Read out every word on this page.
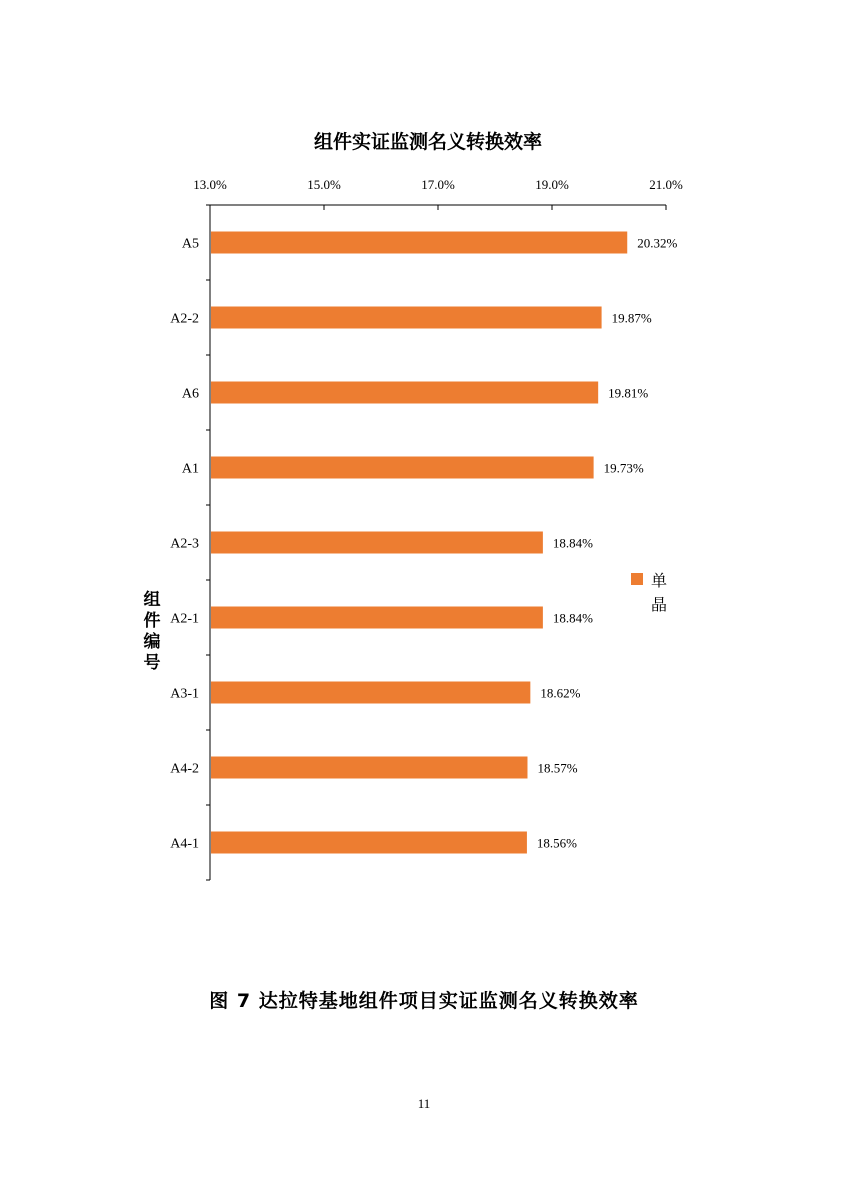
组件实证监测名义转换效率
13.0%	15.0%	17.0%	19.0%	21.0%
A5	20.32%
A2-2	19.87%
A6	19.81%
A1	19.73%
A2-3	18.84%
A2-1	18.84%
A3-1	18.62%
A4-2	18.57%
A4-1	18.56%
组
件
编
号
单
晶
图 7 达拉特基地组件项目实证监测名义转换效率
11
